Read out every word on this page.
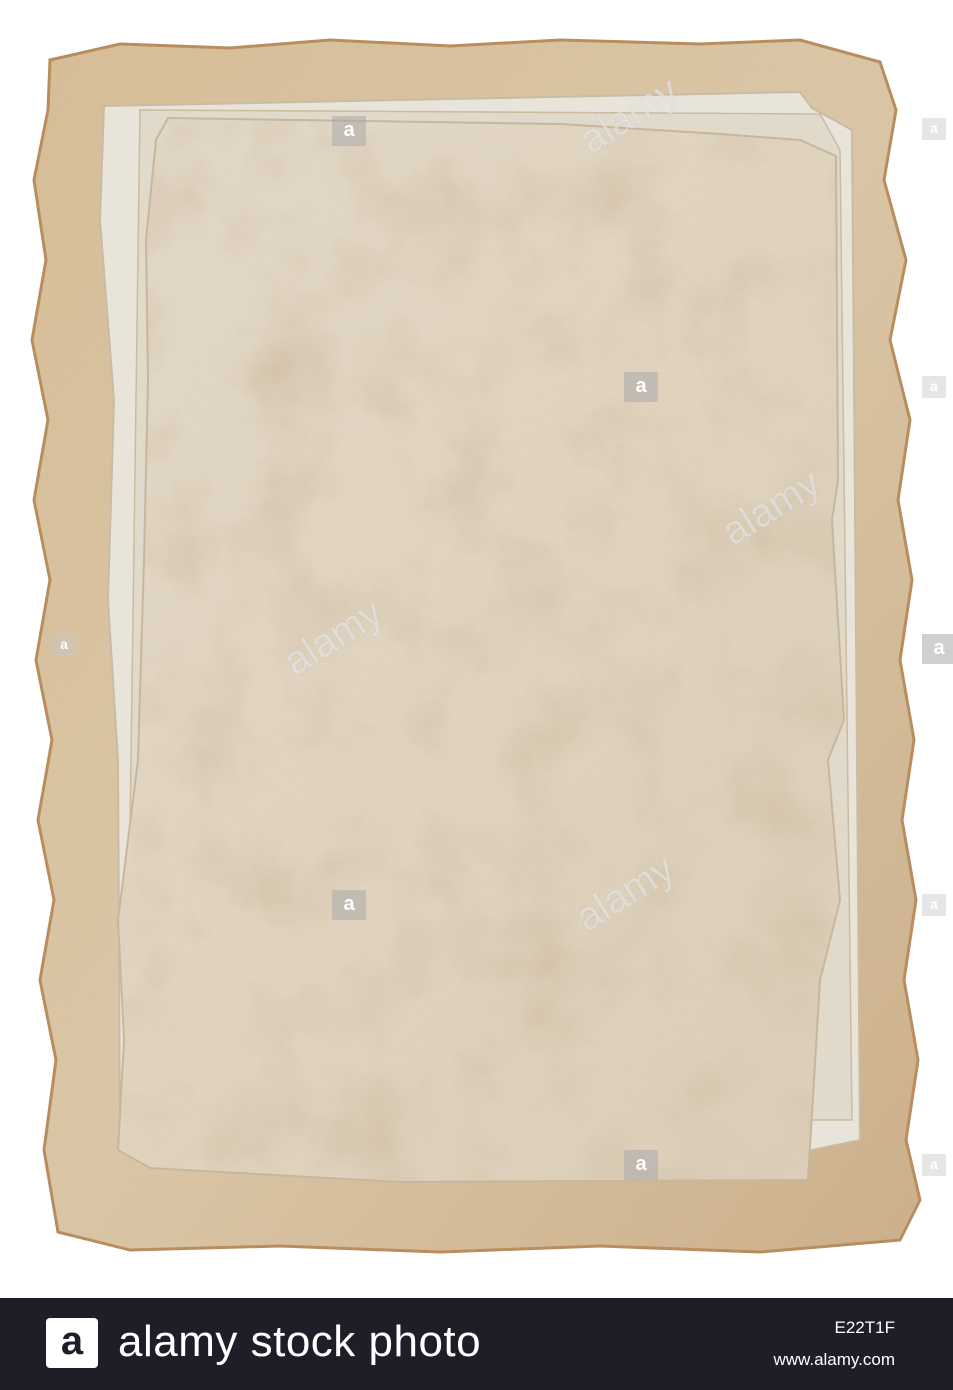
a
a
a
a
a
a
a
a
a
a
alamy
alamy
alamy
alamy
a alamy stock photo	E22T1F
www.alamy.com
